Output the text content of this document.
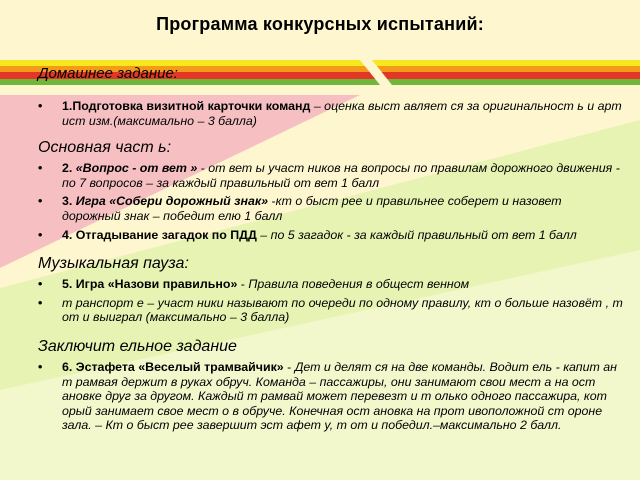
Программа конкурсных испытаний:
Домашнее задание:
• 1.Подготовка визитной карточки команд – оценка выст авляет ся за оригинальност ь и арт ист изм.(максимально – 3 балла)
Основная част ь:
• 2. «Вопрос - от вет » - от вет ы участ ников на вопросы по правилам дорожного движения - по 7 вопросов – за каждый правильный от вет 1 балл
• 3. Игра «Собери дорожный знак» -кт о быст рее и правильнее соберет и назовет дорожный знак – победит елю 1 балл
• 4. Отгадывание загадок по ПДД – по 5 загадок - за каждый правильный от вет 1 балл
Музыкальная пауза:
• 5. Игра «Назови правильно» - Правила поведения в общест венном
• т ранспорт е – участ ники называют по очереди по одному правилу, кт о больше назовёт , т от и выиграл (максимально – 3 балла)
Заключит ельное задание
• 6. Эстафета «Веселый трамвайчик» - Дет и делят ся на две команды. Водит ель - капит ан т рамвая держит в руках обруч. Команда – пассажиры, они занимают свои мест а на ост ановке друг за другом. Каждый т рамвай может перевезт и т олько одного пассажира, кот орый занимает свое мест о в обруче. Конечная ост ановка на прот ивоположной ст ороне зала. – Кт о быст рее завершит эст афет у, т от и победил.–максимально 2 балл.
